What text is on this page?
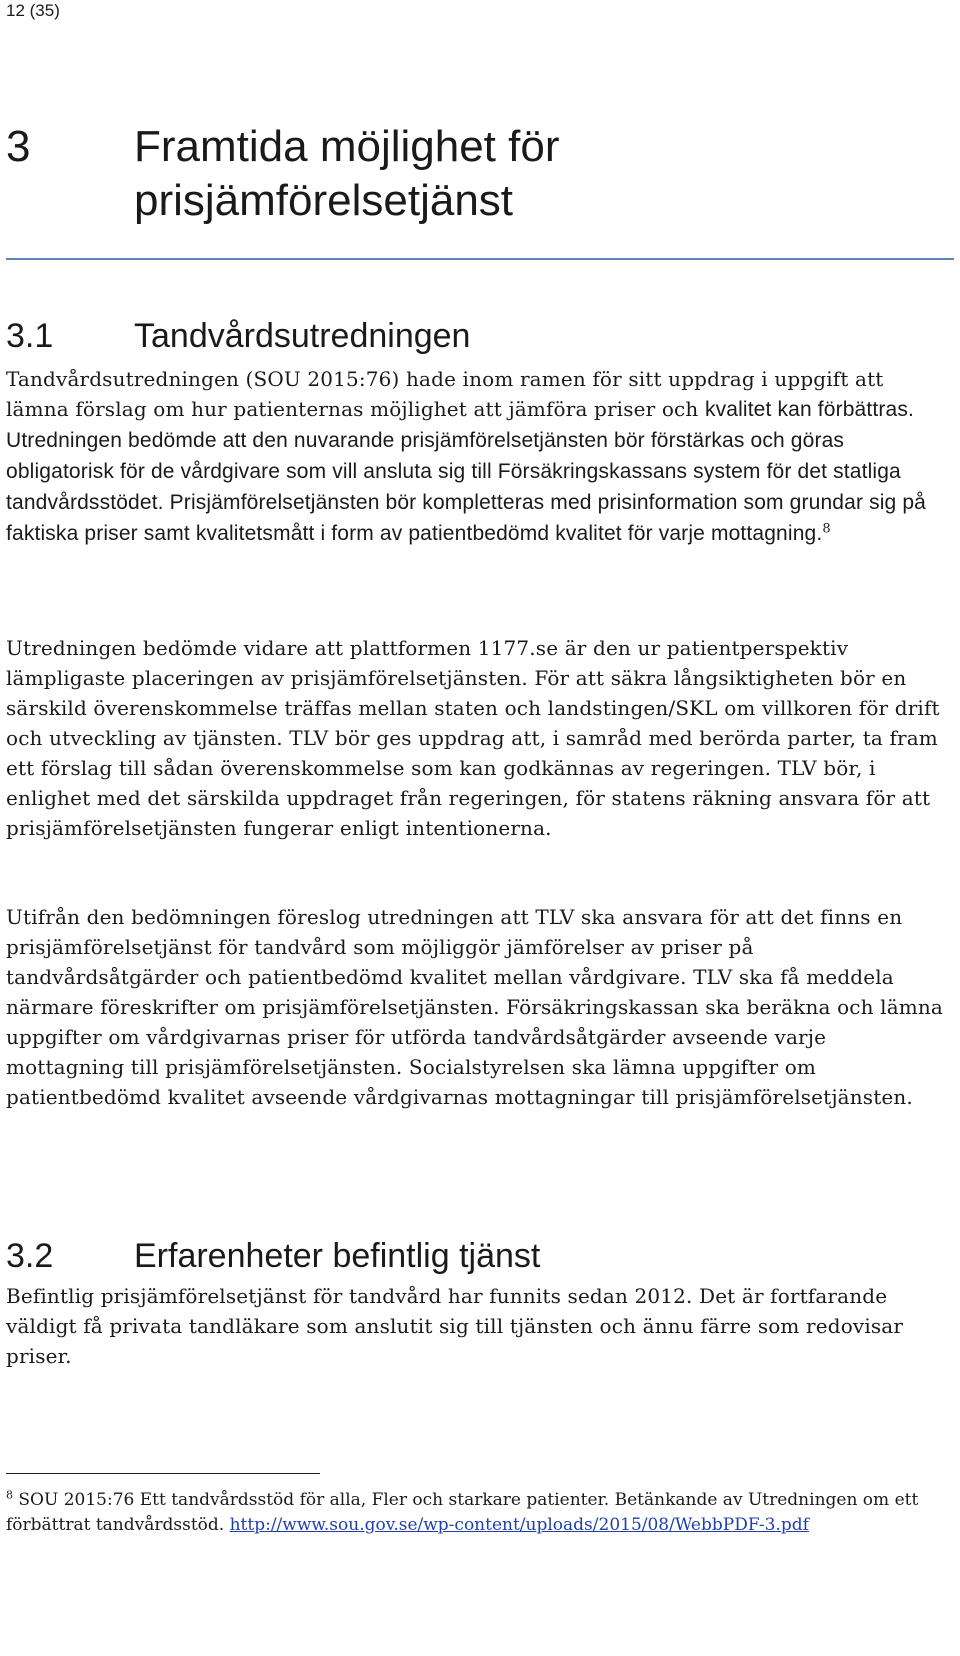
12 (35)
3 Framtida möjlighet för prisjämförelsetjänst
3.1 Tandvårdsutredningen

Tandvårdsutredningen (SOU 2015:76) hade inom ramen för sitt uppdrag i uppgift att lämna förslag om hur patienternas möjlighet att jämföra priser och kvalitet kan förbättras. Utredningen bedömde att den nuvarande prisjämförelsetjänsten bör förstärkas och göras obligatorisk för de vårdgivare som vill ansluta sig till Försäkringskassans system för det statliga tandvårdsstödet. Prisjämförelsetjänsten bör kompletteras med prisinformation som grundar sig på faktiska priser samt kvalitetsmått i form av patientbedömd kvalitet för varje mottagning.$^8$

Utredningen bedömde vidare att plattformen 1177.se är den ur patientperspektiv lämpligaste placeringen av prisjämförelsetjänsten. För att säkra långsiktigheten bör en särskild överenskommelse träffas mellan staten och landstingen/SKL om villkoren för drift och utveckling av tjänsten. TLV bör ges uppdrag att, i samråd med berörda parter, ta fram ett förslag till sådan överenskommelse som kan godkännas av regeringen. TLV bör, i enlighet med det särskilda uppdraget från regeringen, för statens räkning ansvara för att prisjämförelsetjänsten fungerar enligt intentionerna.

Utifrån den bedömningen föreslog utredningen att TLV ska ansvara för att det finns en prisjämförelsetjänst för tandvård som möjliggör jämförelser av priser på tandvårdsåtgärder och patientbedömd kvalitet mellan vårdgivare. TLV ska få meddela närmare föreskrifter om prisjämförelsetjänsten. Försäkringskassan ska beräkna och lämna uppgifter om vårdgivarnas priser för utförda tandvårdsåtgärder avseende varje mottagning till prisjämförelsetjänsten. Socialstyrelsen ska lämna uppgifter om patientbedömd kvalitet avseende vårdgivarnas mottagningar till prisjämförelsetjänsten.

3.2 Erfarenheter befintlig tjänst

Befintlig prisjämförelsetjänst för tandvård har funnits sedan 2012. Det är fortfarande väldigt få privata tandläkare som anslutit sig till tjänsten och ännu färre som redovisar priser.

$^8$ SOU 2015:76 Ett tandvårdsstöd för alla, Fler och starkare patienter. Betänkande av Utredningen om ett förbättrat tandvårdsstöd. http://www.sou.gov.se/wp-content/uploads/2015/08/WebbPDF-3.pdf
